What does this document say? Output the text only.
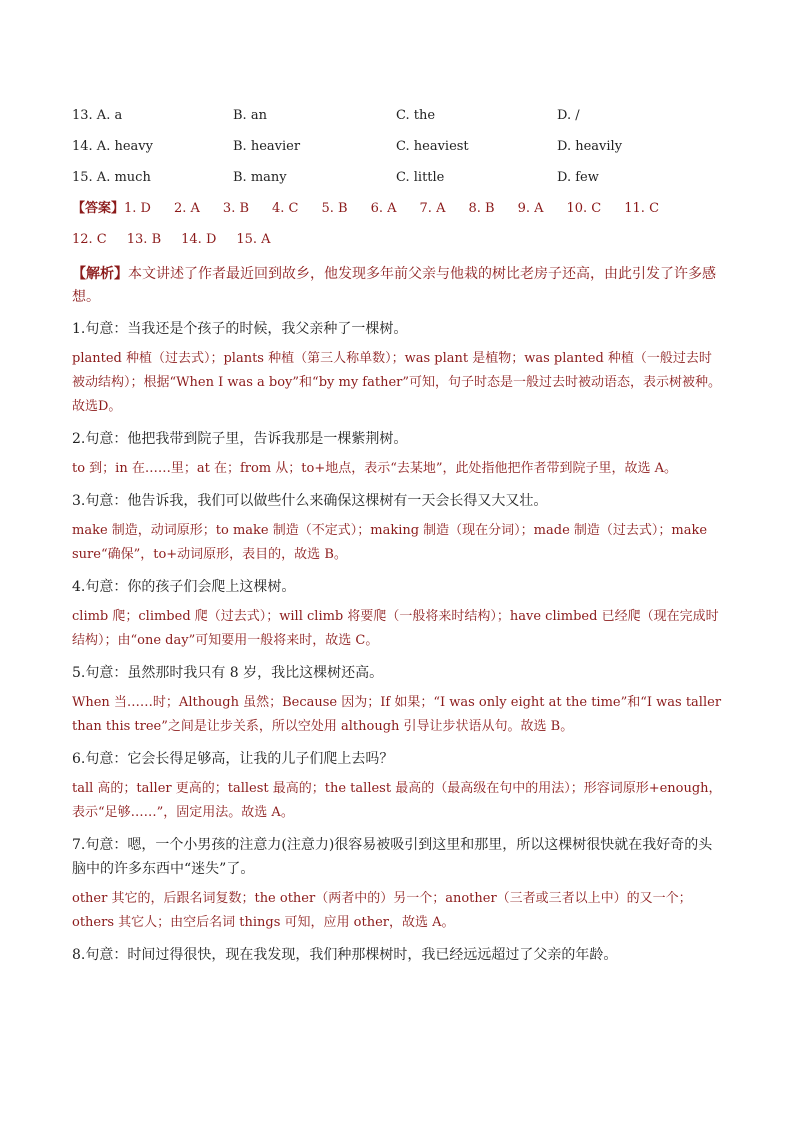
13. A. a	B. an	C. the	D. /
14. A. heavy	B. heavier	C. heaviest	D. heavily
15. A. much	B. many	C. little	D. few
【答案】1. D 2. A 3. B 4. C 5. B 6. A 7. A 8. B 9. A 10. C 11. C
12. C 13. B 14. D 15. A
【解析】本文讲述了作者最近回到故乡，他发现多年前父亲与他栽的树比老房子还高，由此引发了许多感想。
1.句意：当我还是个孩子的时候，我父亲种了一棵树。

planted 种植（过去式）；plants 种植（第三人称单数）；was plant 是植物；was planted 种植（一般过去时被动结构）；根据“When I was a boy”和“by my father”可知，句子时态是一般过去时被动语态，表示树被种。故选D。

2.句意：他把我带到院子里，告诉我那是一棵紫荆树。

to 到；in 在……里；at 在；from 从；to+地点，表示“去某地”，此处指他把作者带到院子里，故选 A。

3.句意：他告诉我，我们可以做些什么来确保这棵树有一天会长得又大又壮。

make 制造，动词原形；to make 制造（不定式）；making 制造（现在分词）；made 制造（过去式）；make sure“确保”，to+动词原形，表目的，故选 B。

4.句意：你的孩子们会爬上这棵树。

climb 爬；climbed 爬（过去式）；will climb 将要爬（一般将来时结构）；have climbed 已经爬（现在完成时结构）；由“one day”可知要用一般将来时，故选 C。

5.句意：虽然那时我只有 8 岁，我比这棵树还高。

When 当……时；Although 虽然；Because 因为；If 如果；“I was only eight at the time”和“I was taller than this tree”之间是让步关系，所以空处用 although 引导让步状语从句。故选 B。

6.句意：它会长得足够高，让我的儿子们爬上去吗？

tall 高的；taller 更高的；tallest 最高的；the tallest 最高的（最高级在句中的用法）；形容词原形+enough，表示“足够……”，固定用法。故选 A。

7.句意：嗯，一个小男孩的注意力(注意力)很容易被吸引到这里和那里，所以这棵树很快就在我好奇的头脑中的许多东西中“迷失”了。

other 其它的，后跟名词复数；the other（两者中的）另一个；another（三者或三者以上中）的又一个；others 其它人；由空后名词 things 可知，应用 other，故选 A。

8.句意：时间过得很快，现在我发现，我们种那棵树时，我已经远远超过了父亲的年龄。
